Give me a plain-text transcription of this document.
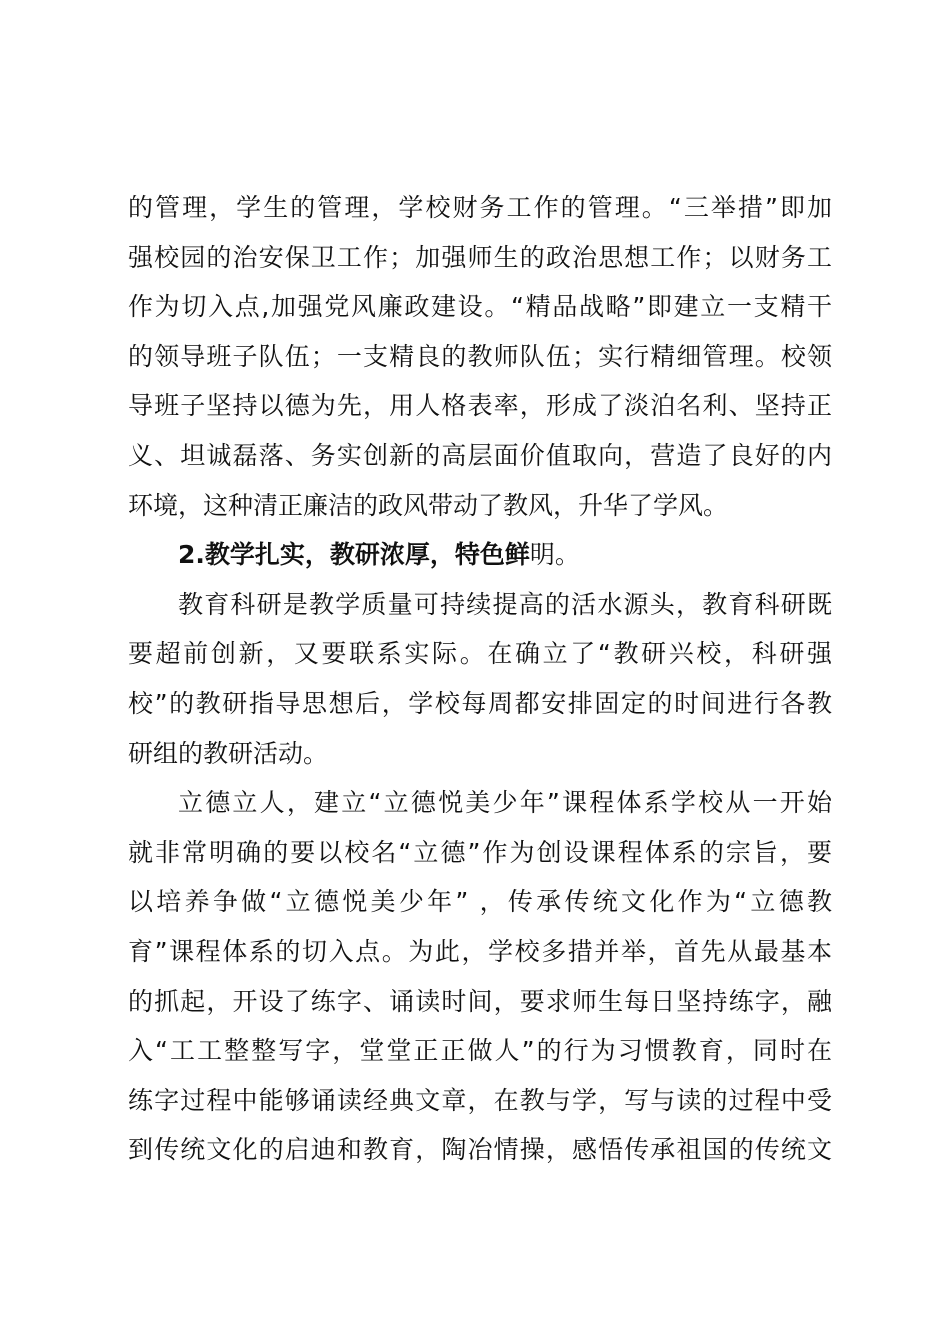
的管理，学生的管理，学校财务工作的管理。“三举措”即加
强校园的治安保卫工作；加强师生的政治思想工作；以财务工
作为切入点,加强党风廉政建设。“精品战略”即建立一支精干
的领导班子队伍；一支精良的教师队伍；实行精细管理。校领
导班子坚持以德为先，用人格表率，形成了淡泊名利、坚持正
义、坦诚磊落、务实创新的高层面价值取向，营造了良好的内
环境，这种清正廉洁的政风带动了教风，升华了学风。
2.教学扎实，教研浓厚，特色鲜明。
教育科研是教学质量可持续提高的活水源头，教育科研既
要超前创新，又要联系实际。在确立了“教研兴校，科研强
校”的教研指导思想后，学校每周都安排固定的时间进行各教
研组的教研活动。
立德立人，建立“立德悦美少年”课程体系学校从一开始
就非常明确的要以校名“立德”作为创设课程体系的宗旨，要
以培养争做“立德悦美少年” ，传承传统文化作为“立德教
育”课程体系的切入点。为此，学校多措并举，首先从最基本
的抓起，开设了练字、诵读时间，要求师生每日坚持练字，融
入“工工整整写字，堂堂正正做人”的行为习惯教育，同时在
练字过程中能够诵读经典文章，在教与学，写与读的过程中受
到传统文化的启迪和教育，陶冶情操，感悟传承祖国的传统文
